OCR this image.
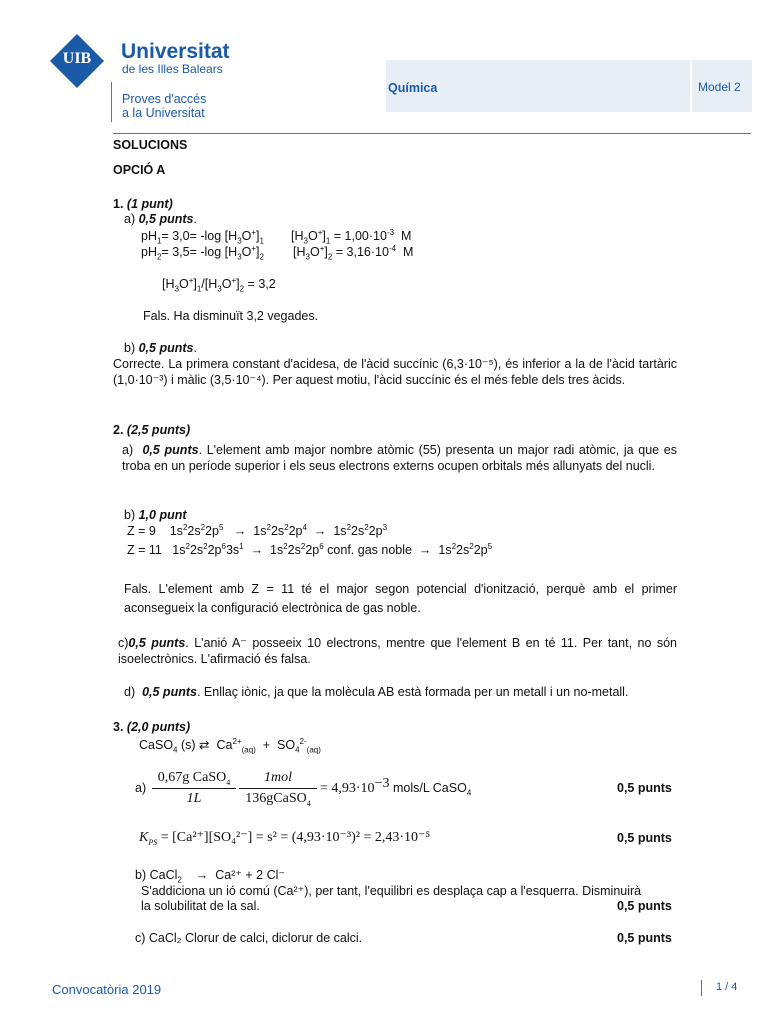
UIB	Universitat
de les Illes Balears
Proves d'accés
a la Universitat
Química	Model 2
SOLUCIONS
OPCIÓ A
1. (1 punt)
a) 0,5 punts.
$pH_1= 3,0= -\log$ $[H_3O^+]_1$ $[H_3O^+]_1 = 1,00\cdot 10^{-3}$ M
$pH_2= 3,5= -\log$ $[H_3O^+]_2$ $[H_3O^+]_2 = 3,16\cdot 10^{-4}$ M
$[H_3O^+]_1/[H_3O^+]_2 = 3,2$
Fals. Ha disminuït 3,2 vegades.
b) 0,5 punts.
Correcte. La primera constant d'acidesa, de l'àcid succínic (6,3·10⁻⁵), és inferior a la de l'àcid tartàric (1,0·10⁻³) i màlic (3,5·10⁻⁴). Per aquest motiu, l'àcid succínic és el més feble dels tres àcids.
2. (2,5 punts)
a) 0,5 punts. L'element amb major nombre atòmic (55) presenta un major radi atòmic, ja que es troba en un període superior i els seus electrons externs ocupen orbitals més allunyats del nucli.
b) 1,0 punt
Z = 9    $1s^22s^22p^5 \to 1s^22s^22p^4 \to 1s^22s^22p^3$
Z = 11   $1s^22s^22p^63s^1 \to 1s^22s^22p^6$ conf. gas noble →  $1s^22s^22p^5$
Fals. L'element amb Z = 11 té el major segon potencial d'ionització, perquè amb el primer aconsegueix la configuració electrònica de gas noble.
c)0,5 punts. L'anió A⁻ posseeix 10 electrons, mentre que l'element B en té 11. Per tant, no són isoelectrònics. L'afirmació és falsa.
d) 0,5 punts. Enllaç iònic, ja que la molècula AB està formada per un metall i un no-metall.
3. (2,0 punts)
CaSO$_4$ (s) ⇄ $Ca^{2+}_{(aq)} + SO_4^{2-}_{(aq)}$
a)
0,67g CaSO$_4$
1L
1mol
136gCaSO$_4$
= $4,93\cdot 10^{-3}$ mols/L CaSO$_4$	0,5 punts
$K_{PS} = [Ca^{2+}][SO_4^{2-}] = s^2 = (4,93\cdot 10^{-3})^2 = 2,43\cdot 10^{-5}$	0,5 punts
b) CaCl$_2$ → Ca²⁺ + 2 Cl⁻
S'addiciona un ió comú (Ca²⁺), per tant, l'equilibri es desplaça cap a l'esquerra. Disminuirà
la solubilitat de la sal.	0,5 punts
c) CaCl₂ Clorur de calci, diclorur de calci.	0,5 punts
Convocatòria 2019	1 / 4
